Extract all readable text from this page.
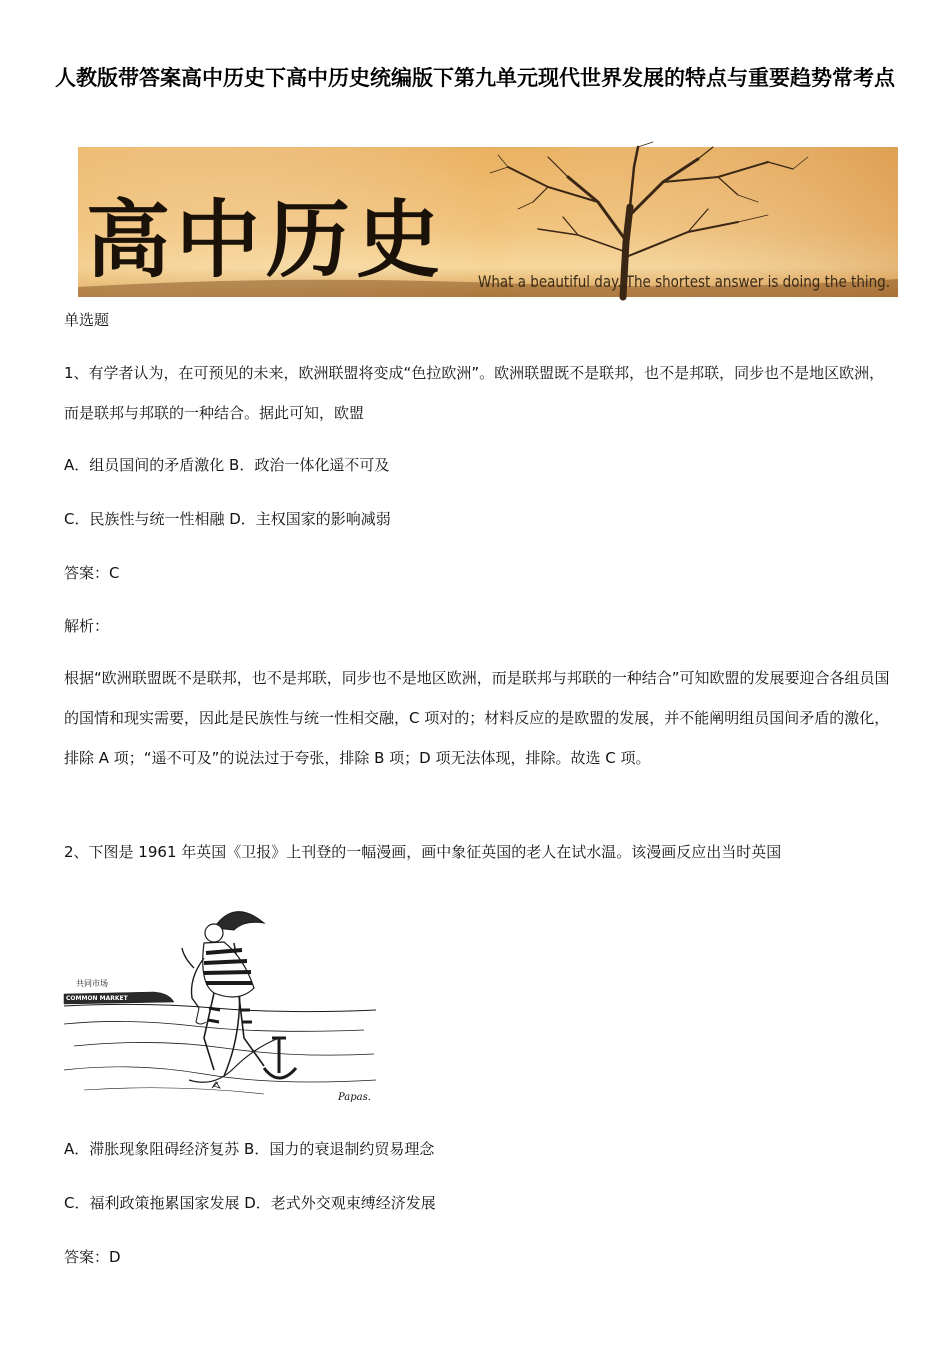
人教版带答案高中历史下高中历史统编版下第九单元现代世界发展的特点与重要趋势常考点
高中历史 What a beautiful day. The shortest answer is doing the thing.

单选题

1、有学者认为，在可预见的未来，欧洲联盟将变成“色拉欧洲”。欧洲联盟既不是联邦，也不是邦联，同步也不是地区欧洲，而是联邦与邦联的一种结合。据此可知，欧盟

A．组员国间的矛盾激化 B．政治一体化遥不可及

C．民族性与统一性相融 D．主权国家的影响减弱

答案：C

解析：

根据“欧洲联盟既不是联邦，也不是邦联，同步也不是地区欧洲，而是联邦与邦联的一种结合”可知欧盟的发展要迎合各组员国的国情和现实需要，因此是民族性与统一性相交融，C 项对的；材料反应的是欧盟的发展，并不能阐明组员国间矛盾的激化，排除 A 项；“遥不可及”的说法过于夸张，排除 B 项；D 项无法体现，排除。故选 C 项。

2、下图是 1961 年英国《卫报》上刊登的一幅漫画，画中象征英国的老人在试水温。该漫画反应出当时英国

共同市场
COMMON MARKET
Papas.

A．滞胀现象阻碍经济复苏 B．国力的衰退制约贸易理念

C．福利政策拖累国家发展 D．老式外交观束缚经济发展

答案：D
